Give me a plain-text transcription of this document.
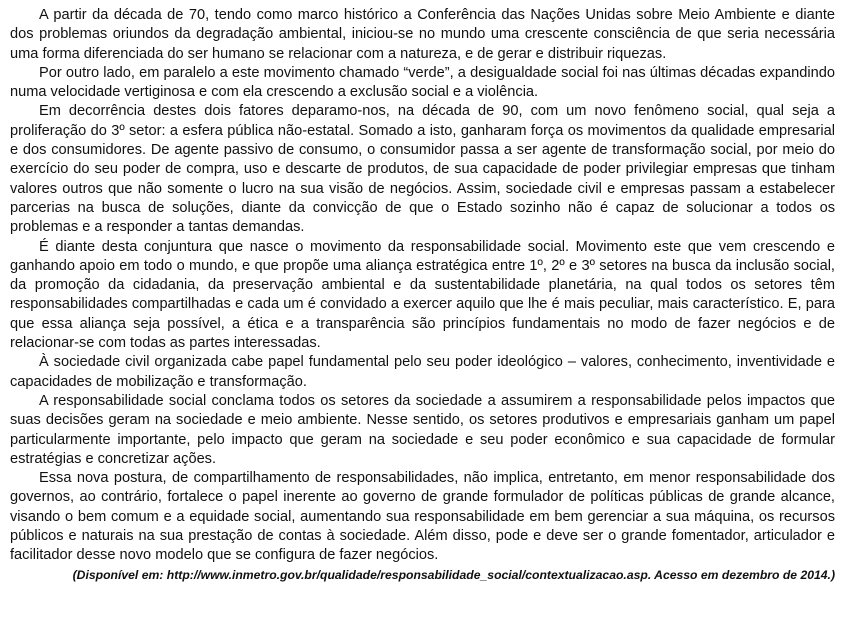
A partir da década de 70, tendo como marco histórico a Conferência das Nações Unidas sobre Meio Ambiente e diante dos problemas oriundos da degradação ambiental, iniciou-se no mundo uma crescente consciência de que seria necessária uma forma diferenciada do ser humano se relacionar com a natureza, e de gerar e distribuir riquezas.

Por outro lado, em paralelo a este movimento chamado “verde”, a desigualdade social foi nas últimas décadas expandindo numa velocidade vertiginosa e com ela crescendo a exclusão social e a violência.

Em decorrência destes dois fatores deparamo-nos, na década de 90, com um novo fenômeno social, qual seja a proliferação do 3º setor: a esfera pública não-estatal. Somado a isto, ganharam força os movimentos da qualidade empresarial e dos consumidores. De agente passivo de consumo, o consumidor passa a ser agente de transformação social, por meio do exercício do seu poder de compra, uso e descarte de produtos, de sua capacidade de poder privilegiar empresas que tinham valores outros que não somente o lucro na sua visão de negócios. Assim, sociedade civil e empresas passam a estabelecer parcerias na busca de soluções, diante da convicção de que o Estado sozinho não é capaz de solucionar a todos os problemas e a responder a tantas demandas.

É diante desta conjuntura que nasce o movimento da responsabilidade social. Movimento este que vem crescendo e ganhando apoio em todo o mundo, e que propõe uma aliança estratégica entre 1º, 2º e 3º setores na busca da inclusão social, da promoção da cidadania, da preservação ambiental e da sustentabilidade planetária, na qual todos os setores têm responsabilidades compartilhadas e cada um é convidado a exercer aquilo que lhe é mais peculiar, mais característico. E, para que essa aliança seja possível, a ética e a transparência são princípios fundamentais no modo de fazer negócios e de relacionar-se com todas as partes interessadas.

À sociedade civil organizada cabe papel fundamental pelo seu poder ideológico – valores, conhecimento, inventividade e capacidades de mobilização e transformação.

A responsabilidade social conclama todos os setores da sociedade a assumirem a responsabilidade pelos impactos que suas decisões geram na sociedade e meio ambiente. Nesse sentido, os setores produtivos e empresariais ganham um papel particularmente importante, pelo impacto que geram na sociedade e seu poder econômico e sua capacidade de formular estratégias e concretizar ações.

Essa nova postura, de compartilhamento de responsabilidades, não implica, entretanto, em menor responsabilidade dos governos, ao contrário, fortalece o papel inerente ao governo de grande formulador de políticas públicas de grande alcance, visando o bem comum e a equidade social, aumentando sua responsabilidade em bem gerenciar a sua máquina, os recursos públicos e naturais na sua prestação de contas à sociedade. Além disso, pode e deve ser o grande fomentador, articulador e facilitador desse novo modelo que se configura de fazer negócios.

(Disponível em: http://www.inmetro.gov.br/qualidade/responsabilidade_social/contextualizacao.asp. Acesso em dezembro de 2014.)
